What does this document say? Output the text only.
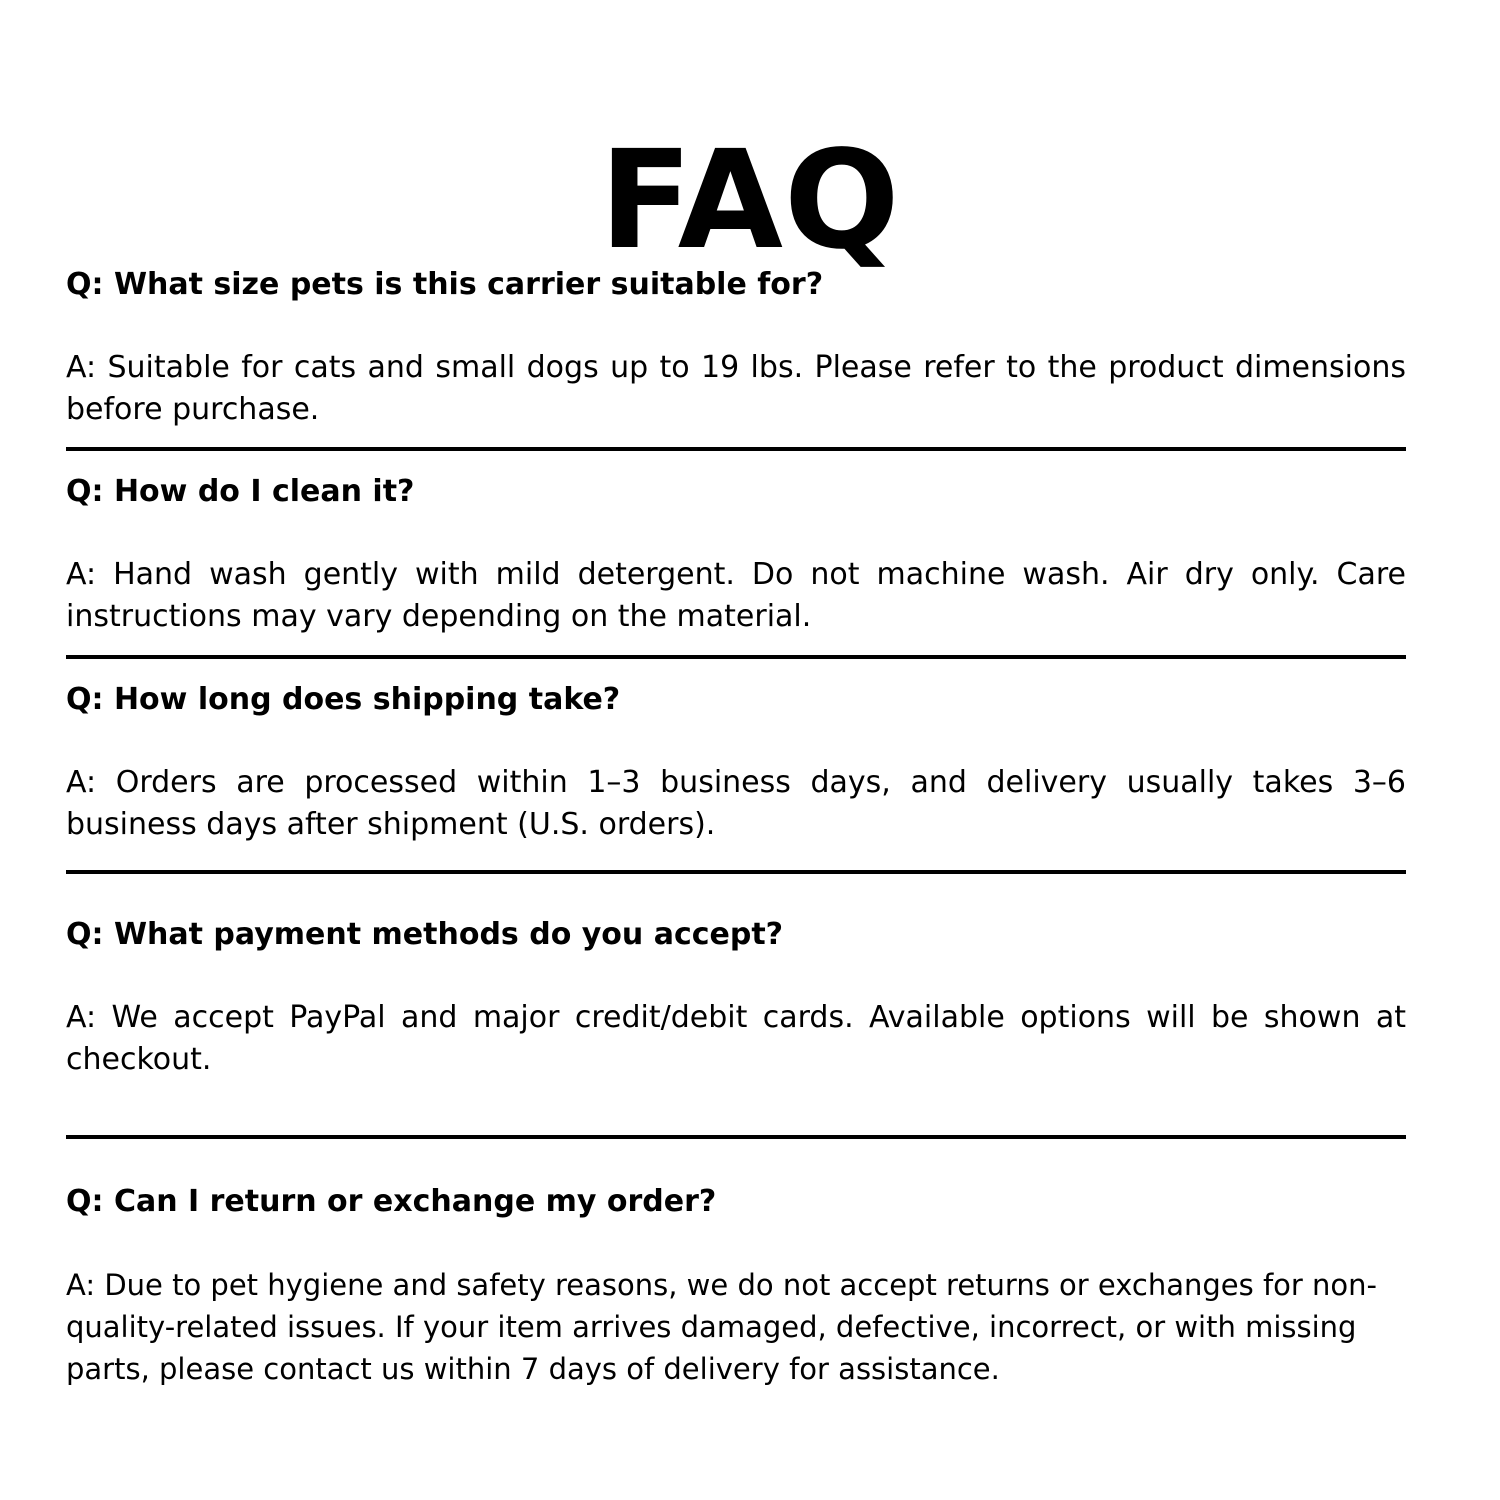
FAQ

Q: What size pets is this carrier suitable for?

A: Suitable for cats and small dogs up to 19 lbs. Please refer to the product dimensions before purchase.

Q: How do I clean it?

A: Hand wash gently with mild detergent. Do not machine wash. Air dry only. Care instructions may vary depending on the material.

Q: How long does shipping take?

A: Orders are processed within 1–3 business days, and delivery usually takes 3–6 business days after shipment (U.S. orders).

Q: What payment methods do you accept?

A: We accept PayPal and major credit/debit cards. Available options will be shown at checkout.

Q: Can I return or exchange my order?

A: Due to pet hygiene and safety reasons, we do not accept returns or exchanges for non-quality-related issues. If your item arrives damaged, defective, incorrect, or with missing parts, please contact us within 7 days of delivery for assistance.
